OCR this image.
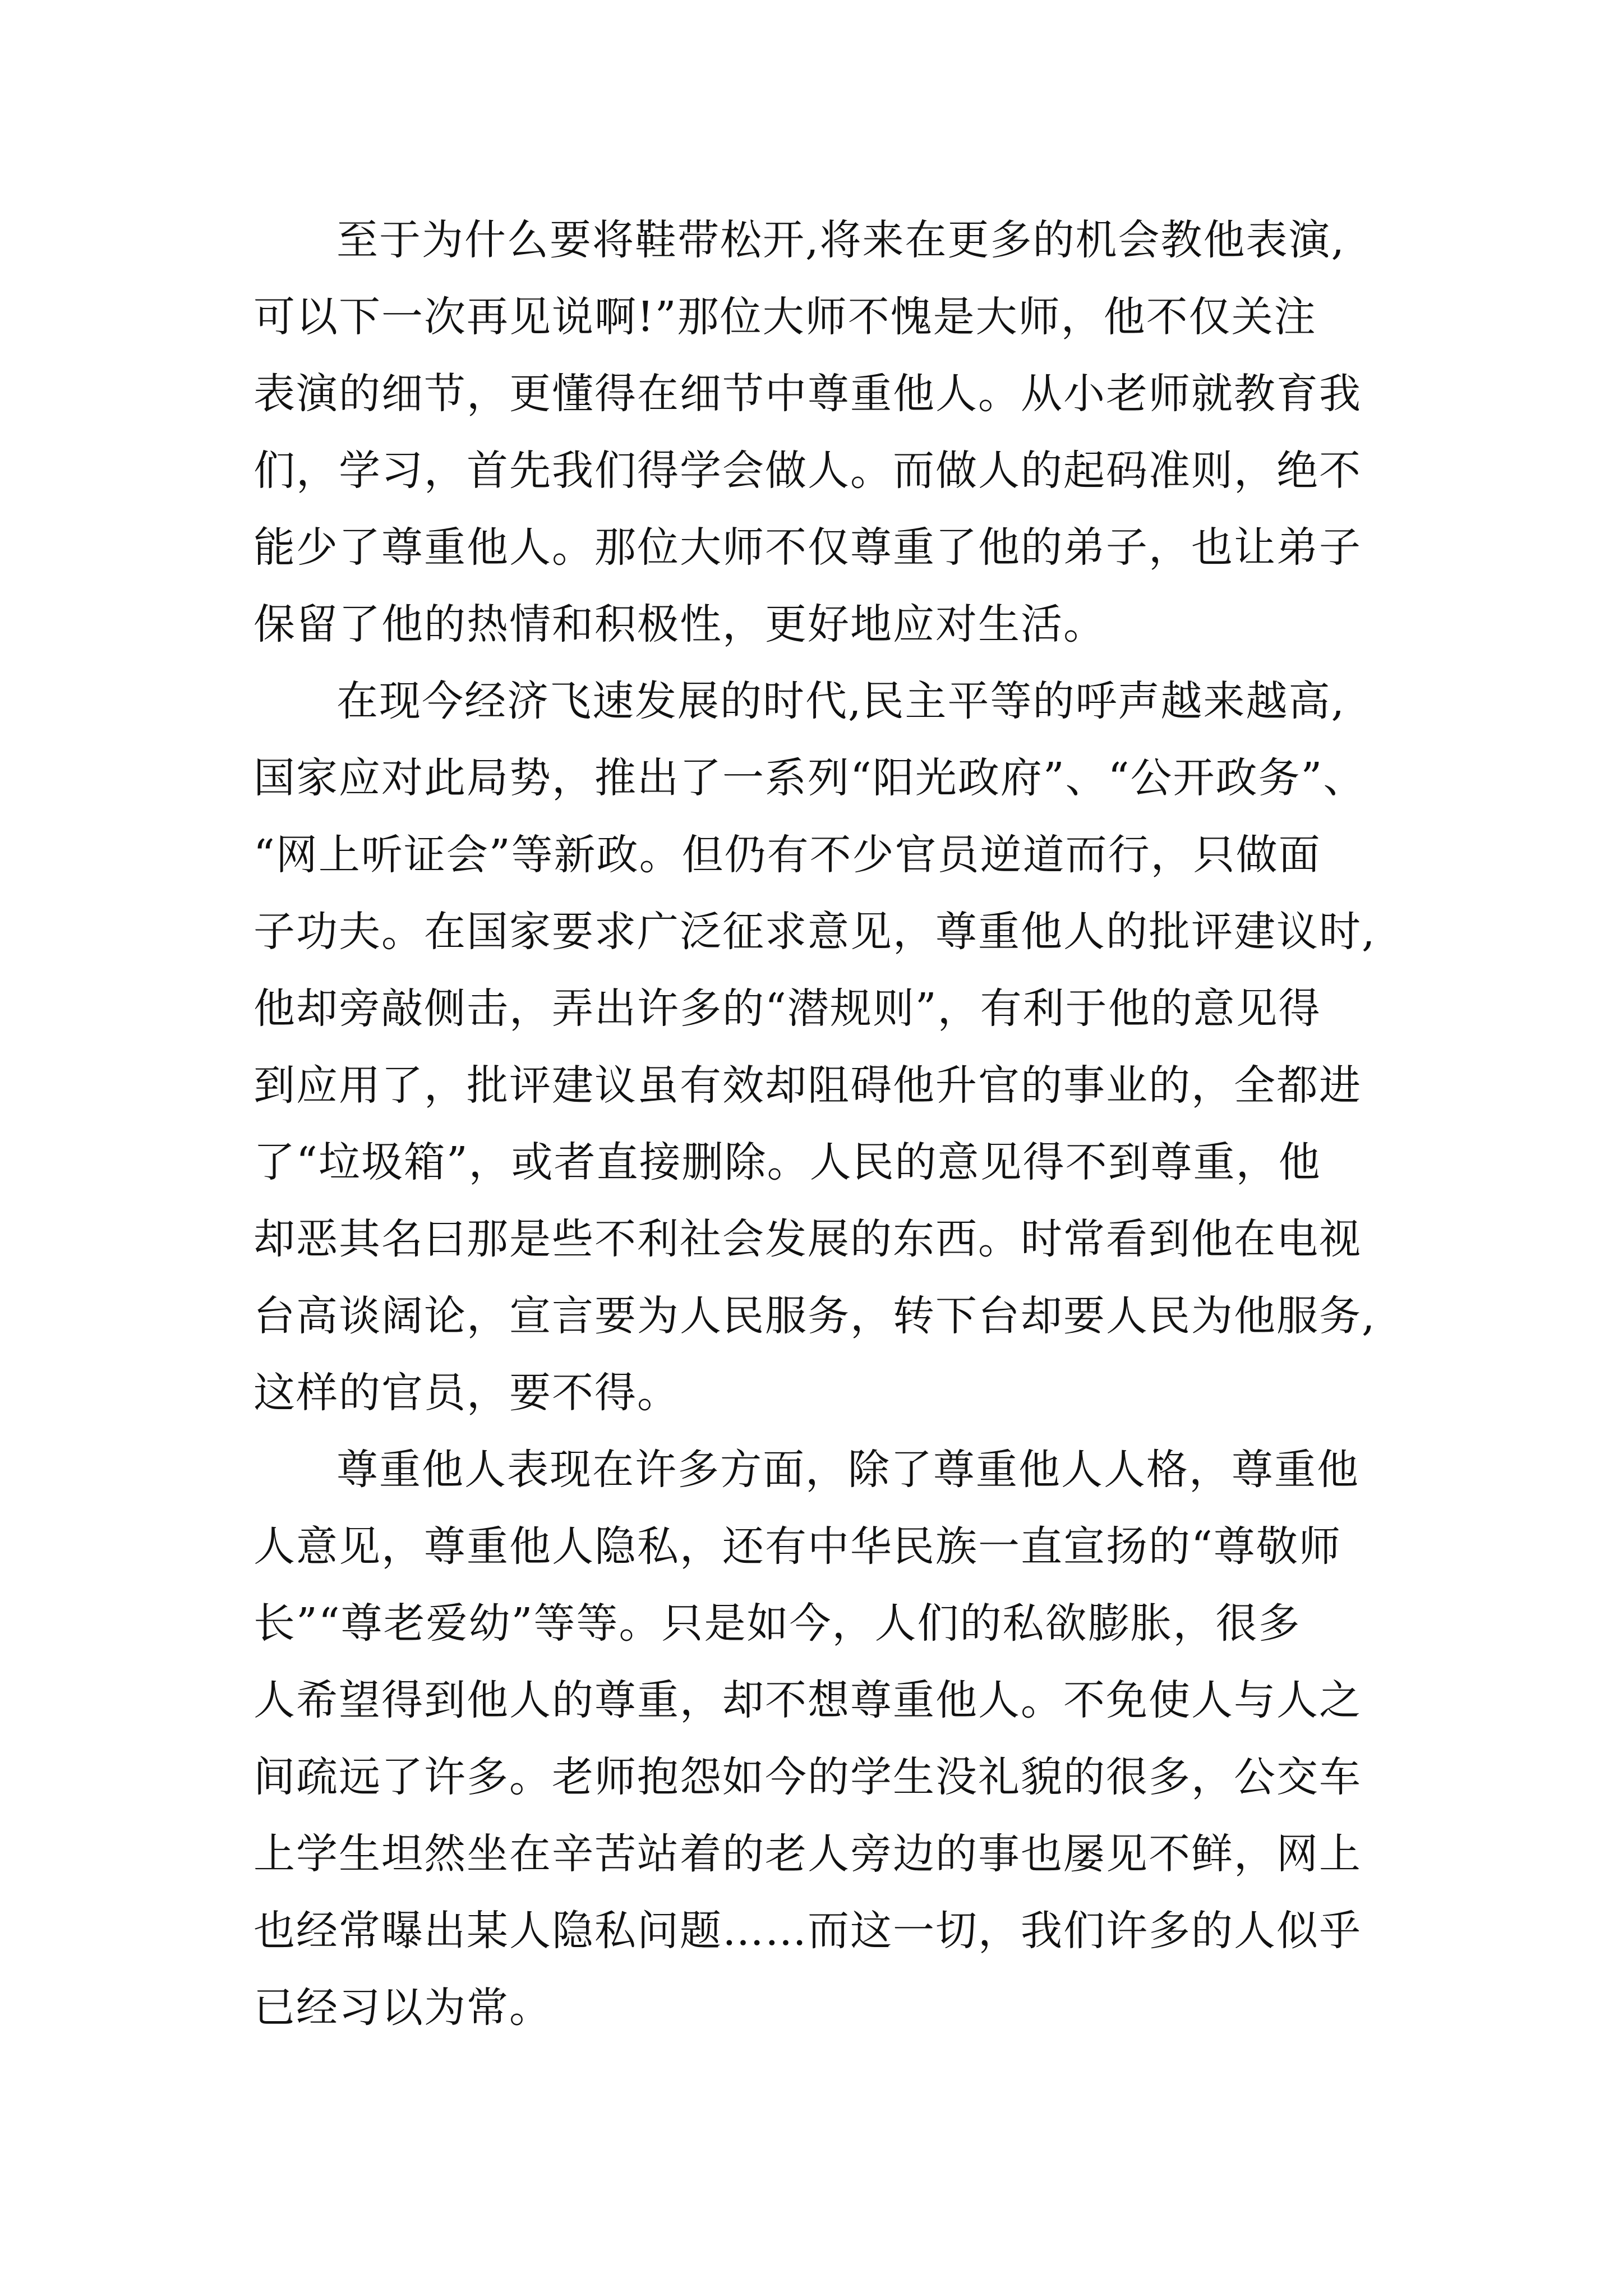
至于为什么要将鞋带松开,将来在更多的机会教他表演,
可以下一次再见说啊!”那位大师不愧是大师，他不仅关注
表演的细节，更懂得在细节中尊重他人。从小老师就教育我
们，学习，首先我们得学会做人。而做人的起码准则，绝不
能少了尊重他人。那位大师不仅尊重了他的弟子，也让弟子
保留了他的热情和积极性，更好地应对生活。
在现今经济飞速发展的时代,民主平等的呼声越来越高,
国家应对此局势，推出了一系列“阳光政府”、“公开政务”、
“网上听证会”等新政。但仍有不少官员逆道而行，只做面
子功夫。在国家要求广泛征求意见，尊重他人的批评建议时,
他却旁敲侧击，弄出许多的“潜规则”，有利于他的意见得
到应用了，批评建议虽有效却阻碍他升官的事业的，全都进
了“垃圾箱”，或者直接删除。人民的意见得不到尊重，他
却恶其名曰那是些不利社会发展的东西。时常看到他在电视
台高谈阔论，宣言要为人民服务，转下台却要人民为他服务,
这样的官员，要不得。
尊重他人表现在许多方面，除了尊重他人人格，尊重他
人意见，尊重他人隐私，还有中华民族一直宣扬的“尊敬师
长”“尊老爱幼”等等。只是如今，人们的私欲膨胀，很多
人希望得到他人的尊重，却不想尊重他人。不免使人与人之
间疏远了许多。老师抱怨如今的学生没礼貌的很多，公交车
上学生坦然坐在辛苦站着的老人旁边的事也屡见不鲜，网上
也经常曝出某人隐私问题……而这一切，我们许多的人似乎
已经习以为常。
